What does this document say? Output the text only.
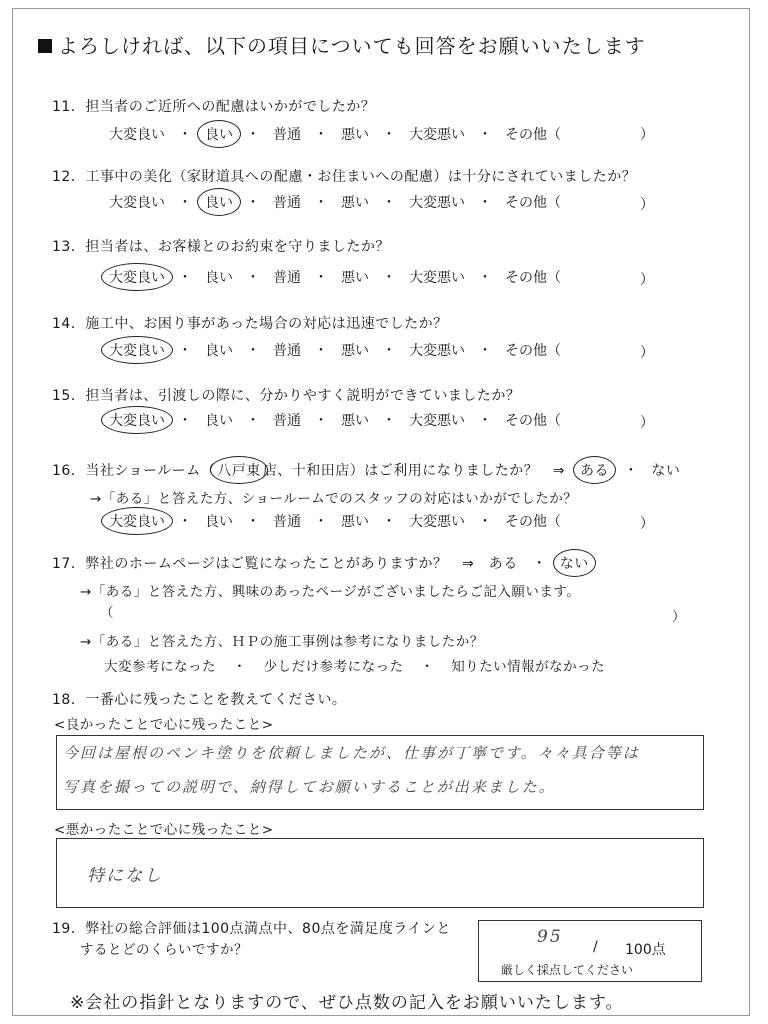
よろしければ、以下の項目についても回答をお願いいたします
11．担当者のご近所への配慮はいかがでしたか？
大変良い ・ 良い ・ 普通 ・ 悪い ・ 大変悪い ・ その他（	）
12．工事中の美化（家財道具への配慮・お住まいへの配慮）は十分にされていましたか？
大変良い ・ 良い ・ 普通 ・ 悪い ・ 大変悪い ・ その他（	）
13．担当者は、お客様とのお約束を守りましたか？
大変良い ・ 良い ・ 普通 ・ 悪い ・ 大変悪い ・ その他（	）
14．施工中、お困り事があった場合の対応は迅速でしたか？
大変良い ・ 良い ・ 普通 ・ 悪い ・ 大変悪い ・ その他（	）
15．担当者は、引渡しの際に、分かりやすく説明ができていましたか？
大変良い ・ 良い ・ 普通 ・ 悪い ・ 大変悪い ・ その他（	）
16．当社ショールーム（ 八戸東 店、十和田店）はご利用になりましたか？　⇒ ある ・ ない
→「ある」と答えた方、ショールームでのスタッフの対応はいかがでしたか？
大変良い ・ 良い ・ 普通 ・ 悪い ・ 大変悪い ・ その他（	）
17．弊社のホームページはご覧になったことがありますか？　⇒　ある　・ ない
→「ある」と答えた方、興味のあったページがございましたらご記入願います。
（	）
→「ある」と答えた方、ＨＰの施工事例は参考になりましたか？
大変参考になった ・ 少しだけ参考になった ・ 知りたい情報がなかった
18．一番心に残ったことを教えてください。
<良かったことで心に残ったこと>
今回は屋根のペンキ塗りを依頼しましたが、仕事が丁寧です。々々具合等は
写真を撮っての説明で、納得してお願いすることが出来ました。
<悪かったことで心に残ったこと>
特になし
19．弊社の総合評価は100点満点中、80点を満足度ラインと
するとどのくらいですか？
95 / 100点
厳しく採点してください
※会社の指針となりますので、ぜひ点数の記入をお願いいたします。
